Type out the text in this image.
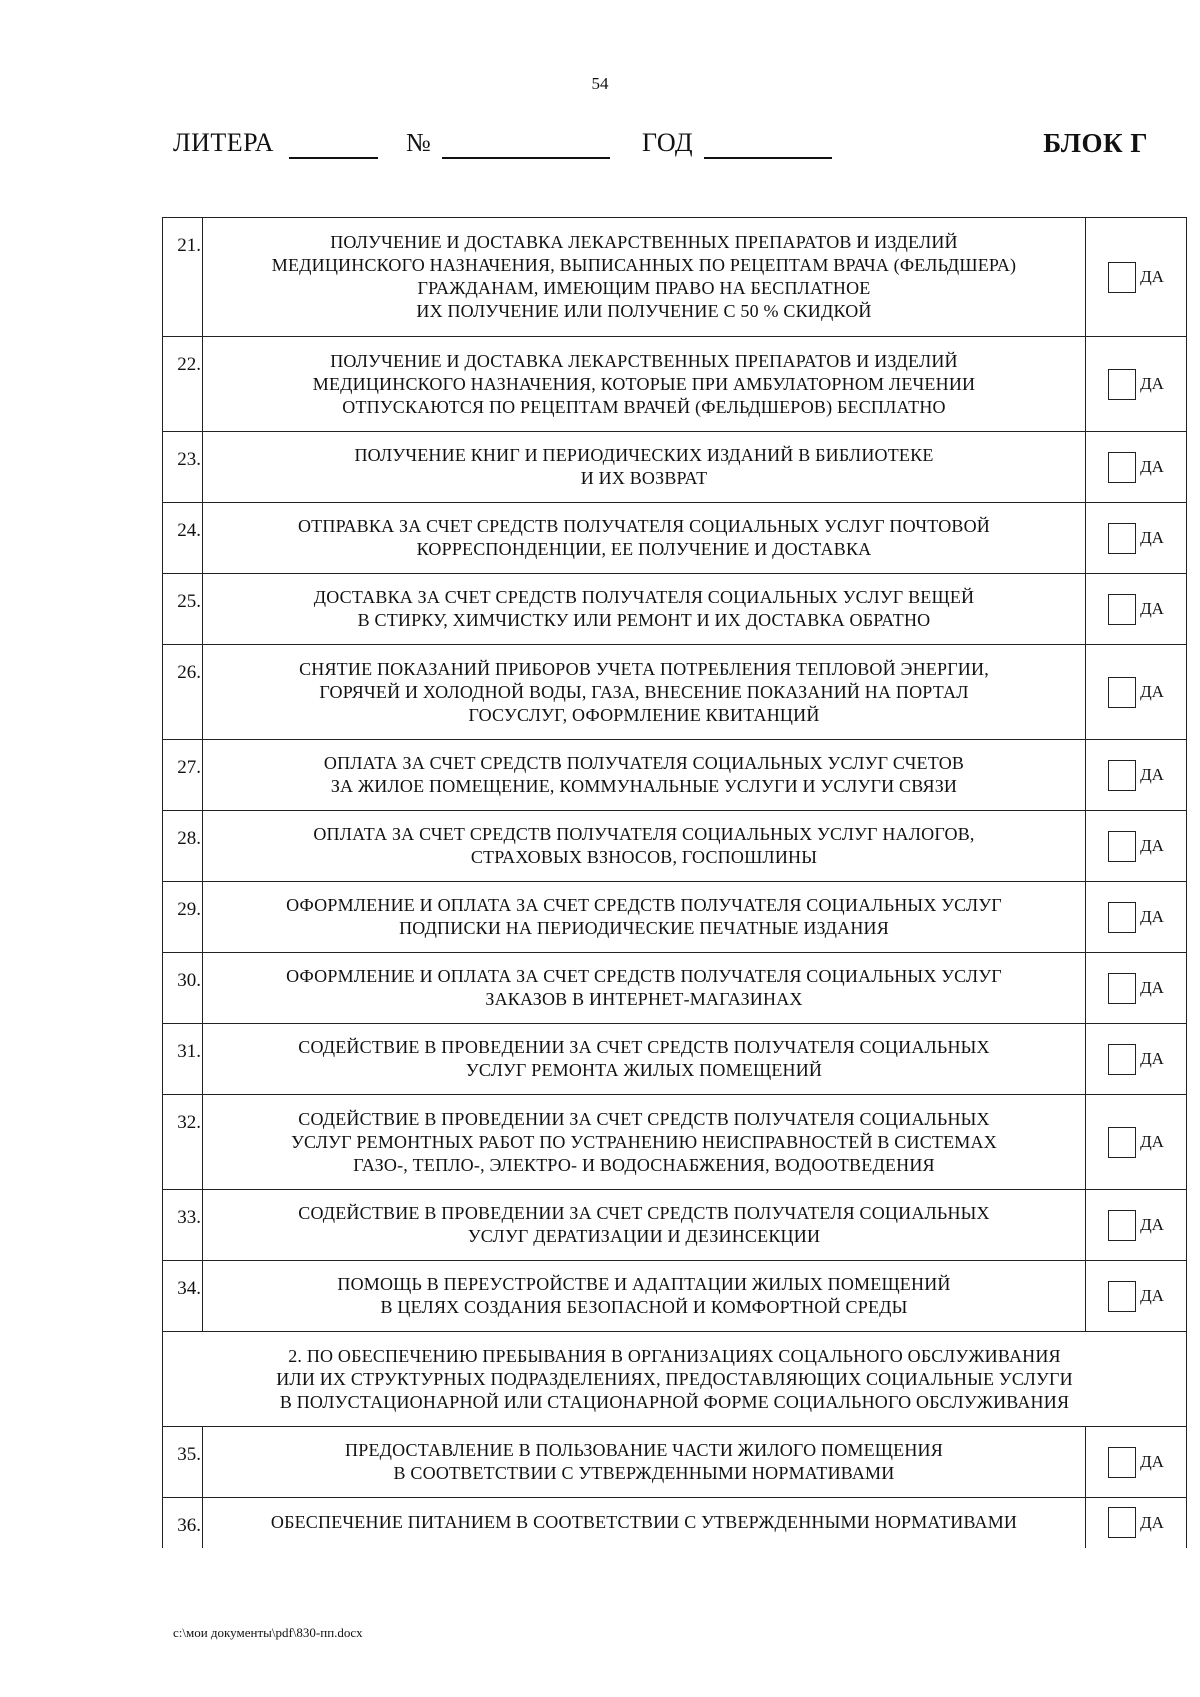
54
ЛИТЕРА	№	ГОД	БЛОК Г
21.	ПОЛУЧЕНИЕ И ДОСТАВКА ЛЕКАРСТВЕННЫХ ПРЕПАРАТОВ И ИЗДЕЛИЙ
МЕДИЦИНСКОГО НАЗНАЧЕНИЯ, ВЫПИСАННЫХ ПО РЕЦЕПТАМ ВРАЧА (ФЕЛЬДШЕРА)
ГРАЖДАНАМ, ИМЕЮЩИМ ПРАВО НА БЕСПЛАТНОЕ
ИХ ПОЛУЧЕНИЕ ИЛИ ПОЛУЧЕНИЕ С 50 % СКИДКОЙ	ДА

22.	ПОЛУЧЕНИЕ И ДОСТАВКА ЛЕКАРСТВЕННЫХ ПРЕПАРАТОВ И ИЗДЕЛИЙ
МЕДИЦИНСКОГО НАЗНАЧЕНИЯ, КОТОРЫЕ ПРИ АМБУЛАТОРНОМ ЛЕЧЕНИИ
ОТПУСКАЮТСЯ ПО РЕЦЕПТАМ ВРАЧЕЙ (ФЕЛЬДШЕРОВ) БЕСПЛАТНО	ДА

23.	ПОЛУЧЕНИЕ КНИГ И ПЕРИОДИЧЕСКИХ ИЗДАНИЙ В БИБЛИОТЕКЕ
И ИХ ВОЗВРАТ	ДА

24.	ОТПРАВКА ЗА СЧЕТ СРЕДСТВ ПОЛУЧАТЕЛЯ СОЦИАЛЬНЫХ УСЛУГ ПОЧТОВОЙ
КОРРЕСПОНДЕНЦИИ, ЕЕ ПОЛУЧЕНИЕ И ДОСТАВКА	ДА

25.	ДОСТАВКА ЗА СЧЕТ СРЕДСТВ ПОЛУЧАТЕЛЯ СОЦИАЛЬНЫХ УСЛУГ ВЕЩЕЙ
В СТИРКУ, ХИМЧИСТКУ ИЛИ РЕМОНТ И ИХ ДОСТАВКА ОБРАТНО	ДА

26.	СНЯТИЕ ПОКАЗАНИЙ ПРИБОРОВ УЧЕТА ПОТРЕБЛЕНИЯ ТЕПЛОВОЙ ЭНЕРГИИ,
ГОРЯЧЕЙ И ХОЛОДНОЙ ВОДЫ, ГАЗА, ВНЕСЕНИЕ ПОКАЗАНИЙ НА ПОРТАЛ
ГОСУСЛУГ, ОФОРМЛЕНИЕ КВИТАНЦИЙ	ДА

27.	ОПЛАТА ЗА СЧЕТ СРЕДСТВ ПОЛУЧАТЕЛЯ СОЦИАЛЬНЫХ УСЛУГ СЧЕТОВ
ЗА ЖИЛОЕ ПОМЕЩЕНИЕ, КОММУНАЛЬНЫЕ УСЛУГИ И УСЛУГИ СВЯЗИ	ДА

28.	ОПЛАТА ЗА СЧЕТ СРЕДСТВ ПОЛУЧАТЕЛЯ СОЦИАЛЬНЫХ УСЛУГ НАЛОГОВ,
СТРАХОВЫХ ВЗНОСОВ, ГОСПОШЛИНЫ	ДА

29.	ОФОРМЛЕНИЕ И ОПЛАТА ЗА СЧЕТ СРЕДСТВ ПОЛУЧАТЕЛЯ СОЦИАЛЬНЫХ УСЛУГ
ПОДПИСКИ НА ПЕРИОДИЧЕСКИЕ ПЕЧАТНЫЕ ИЗДАНИЯ	ДА

30.	ОФОРМЛЕНИЕ И ОПЛАТА ЗА СЧЕТ СРЕДСТВ ПОЛУЧАТЕЛЯ СОЦИАЛЬНЫХ УСЛУГ
ЗАКАЗОВ В ИНТЕРНЕТ-МАГАЗИНАХ	ДА

31.	СОДЕЙСТВИЕ В ПРОВЕДЕНИИ ЗА СЧЕТ СРЕДСТВ ПОЛУЧАТЕЛЯ СОЦИАЛЬНЫХ
УСЛУГ РЕМОНТА ЖИЛЫХ ПОМЕЩЕНИЙ	ДА

32.	СОДЕЙСТВИЕ В ПРОВЕДЕНИИ ЗА СЧЕТ СРЕДСТВ ПОЛУЧАТЕЛЯ СОЦИАЛЬНЫХ
УСЛУГ РЕМОНТНЫХ РАБОТ ПО УСТРАНЕНИЮ НЕИСПРАВНОСТЕЙ В СИСТЕМАХ
ГАЗО-, ТЕПЛО-, ЭЛЕКТРО- И ВОДОСНАБЖЕНИЯ, ВОДООТВЕДЕНИЯ	ДА

33.	СОДЕЙСТВИЕ В ПРОВЕДЕНИИ ЗА СЧЕТ СРЕДСТВ ПОЛУЧАТЕЛЯ СОЦИАЛЬНЫХ
УСЛУГ ДЕРАТИЗАЦИИ И ДЕЗИНСЕКЦИИ	ДА

34.	ПОМОЩЬ В ПЕРЕУСТРОЙСТВЕ И АДАПТАЦИИ ЖИЛЫХ ПОМЕЩЕНИЙ
В ЦЕЛЯХ СОЗДАНИЯ БЕЗОПАСНОЙ И КОМФОРТНОЙ СРЕДЫ	ДА

2. ПО ОБЕСПЕЧЕНИЮ ПРЕБЫВАНИЯ В ОРГАНИЗАЦИЯХ СОЦАЛЬНОГО ОБСЛУЖИВАНИЯ
ИЛИ ИХ СТРУКТУРНЫХ ПОДРАЗДЕЛЕНИЯХ, ПРЕДОСТАВЛЯЮЩИХ СОЦИАЛЬНЫЕ УСЛУГИ
В ПОЛУСТАЦИОНАРНОЙ ИЛИ СТАЦИОНАРНОЙ ФОРМЕ СОЦИАЛЬНОГО ОБСЛУЖИВАНИЯ		

35.	ПРЕДОСТАВЛЕНИЕ В ПОЛЬЗОВАНИЕ ЧАСТИ ЖИЛОГО ПОМЕЩЕНИЯ
В СООТВЕТСТВИИ С УТВЕРЖДЕННЫМИ НОРМАТИВАМИ	ДА

36.	ОБЕСПЕЧЕНИЕ ПИТАНИЕМ В СООТВЕТСТВИИ С УТВЕРЖДЕННЫМИ НОРМАТИВАМИ	ДА
c:\мои документы\pdf\830-пп.docx
